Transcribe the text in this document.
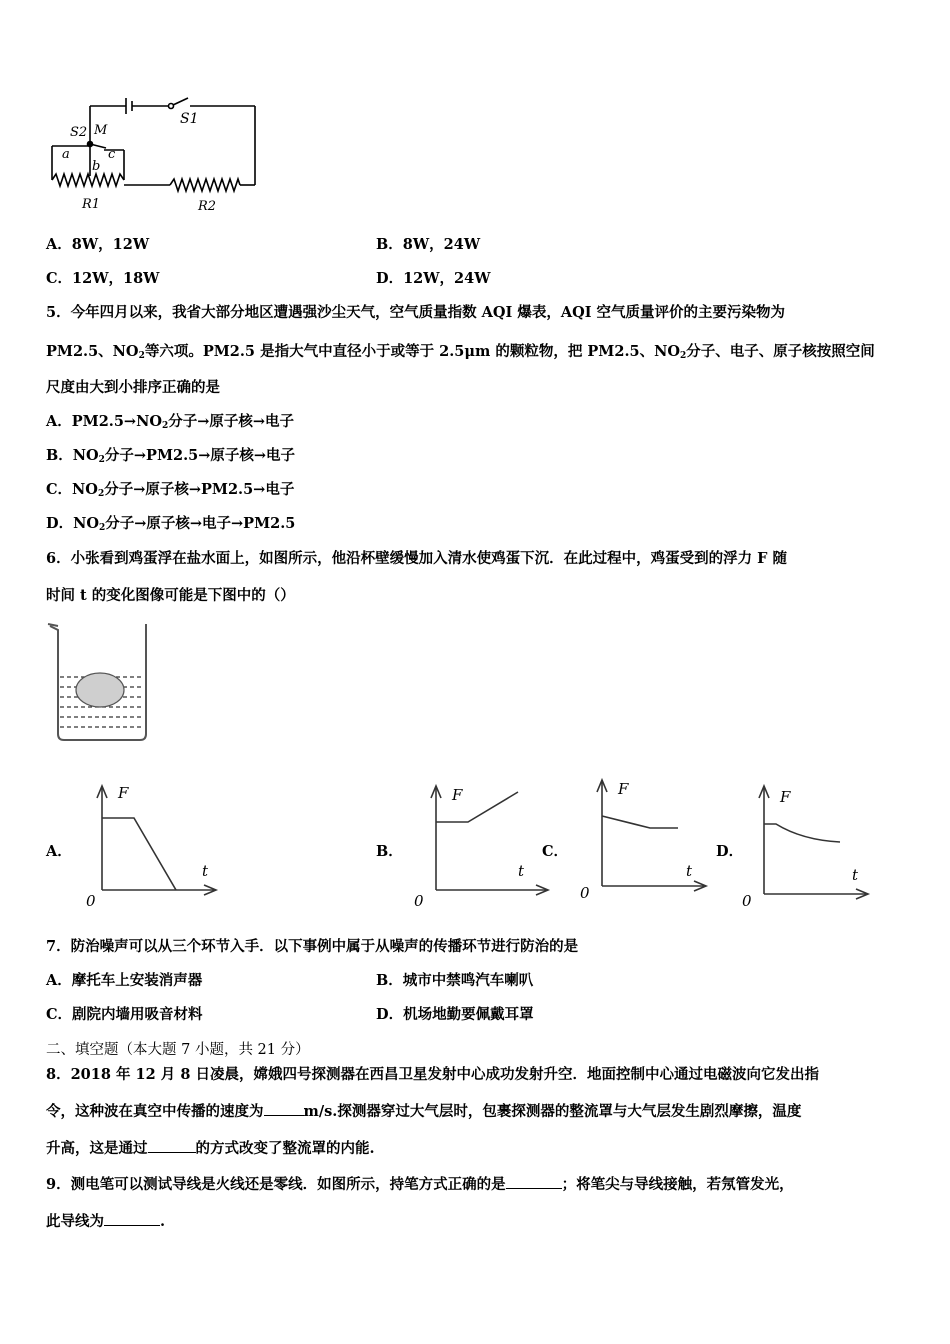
S1
S2 M
a
b
c
R1	R2
A．8W，12W	B．8W，24W
C．12W，18W	D．12W，24W
5．今年四月以来，我省大部分地区遭遇强沙尘天气，空气质量指数 AQI 爆表，AQI 空气质量评价的主要污染物为
PM2.5、$NO_2$等六项。PM2.5 是指大气中直径小于或等于 2.5μm 的颗粒物，把 PM2.5、$NO_2$分子、电子、原子核按照空间
尺度由大到小排序正确的是
A．$PM2.5\to NO_2$分子→原子核→电子
B．$NO_2$分子→PM2.5→原子核→电子
C．$NO_2$分子→原子核→PM2.5→电子
D．$NO_2$分子→原子核→电子→PM2.5
6．小张看到鸡蛋浮在盐水面上，如图所示，他沿杯壁缓慢加入清水使鸡蛋下沉．在此过程中，鸡蛋受到的浮力 F 随
时间 t 的变化图像可能是下图中的（）
A．	B．	C．	D．
F
t
0
F
t
0
F
t
0
F
t
0
7．防治噪声可以从三个环节入手．以下事例中属于从噪声的传播环节进行防治的是
A．摩托车上安装消声器	B．城市中禁鸣汽车喇叭
C．剧院内墙用吸音材料	D．机场地勤要佩戴耳罩
二、填空题（本大题 7 小题，共 21 分）
8．2018 年 12 月 8 日凌晨，嫦娥四号探测器在西昌卫星发射中心成功发射升空．地面控制中心通过电磁波向它发出指
令，这种波在真空中传播的速度为	m/s.探测器穿过大气层时，包裹探测器的整流罩与大气层发生剧烈摩擦，温度
升高，这是通过	的方式改变了整流罩的内能.
9．测电笔可以测试导线是火线还是零线．如图所示，持笔方式正确的是	；将笔尖与导线接触，若氖管发光，
此导线为	.
